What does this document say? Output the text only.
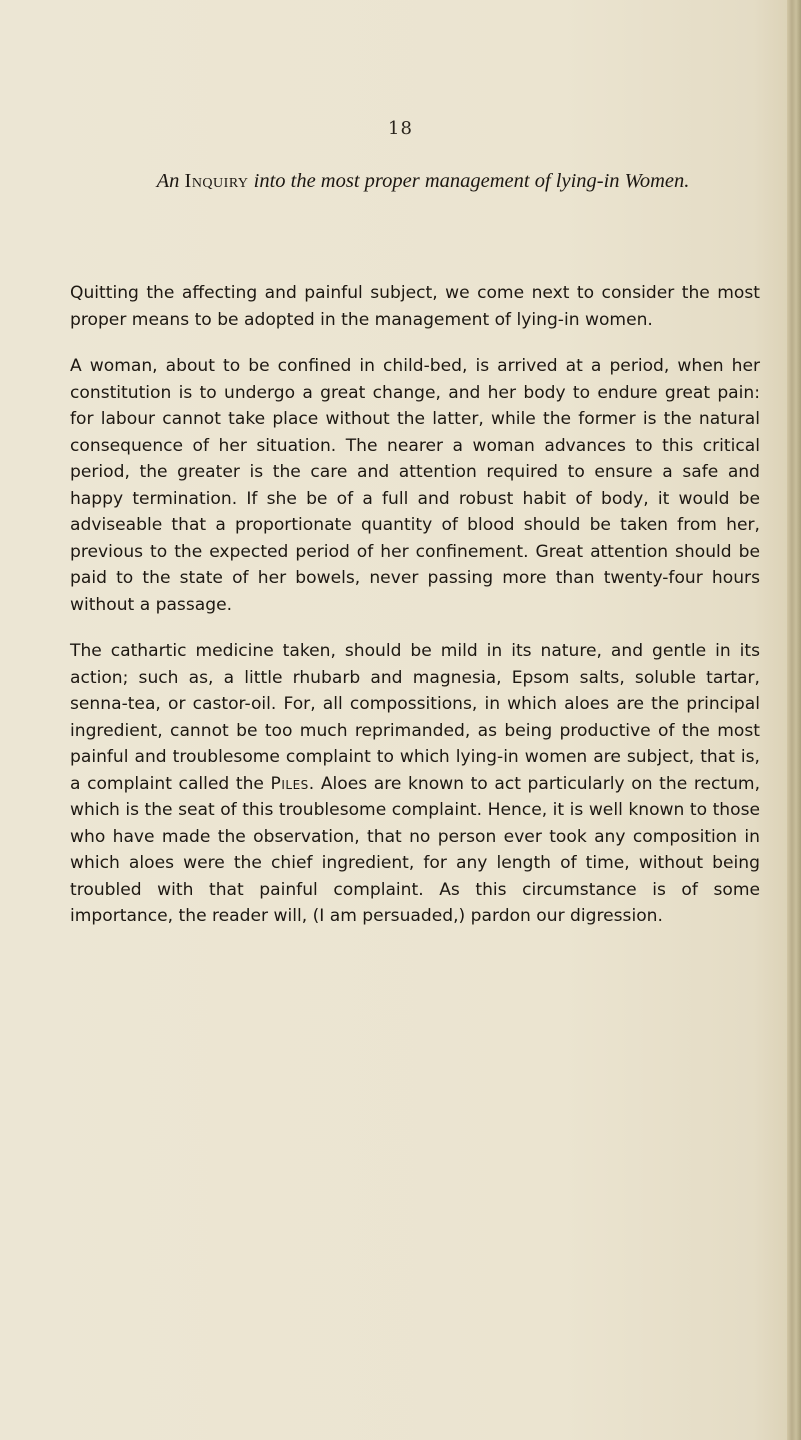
18
An Inquiry into the most proper management of lying-in Women.

Quitting the affecting and painful subject, we come next to consider the most proper means to be adopted in the management of lying-in women.

A woman, about to be confined in child-bed, is arrived at a period, when her constitution is to undergo a great change, and her body to endure great pain: for labour cannot take place without the latter, while the former is the natural consequence of her situation. The nearer a woman advances to this critical period, the greater is the care and attention required to ensure a safe and happy termination. If she be of a full and robust habit of body, it would be adviseable that a proportionate quantity of blood should be taken from her, previous to the expected period of her confinement. Great attention should be paid to the state of her bowels, never passing more than twenty-four hours without a passage.

The cathartic medicine taken, should be mild in its nature, and gentle in its action; such as, a little rhubarb and magnesia, Epsom salts, soluble tartar, senna-tea, or castor-oil. For, all compossitions, in which aloes are the principal ingredient, cannot be too much reprimanded, as being productive of the most painful and troublesome complaint to which lying-in women are subject, that is, a complaint called the Piles. Aloes are known to act particularly on the rectum, which is the seat of this troublesome complaint. Hence, it is well known to those who have made the observation, that no person ever took any composition in which aloes were the chief ingredient, for any length of time, without being troubled with that painful complaint. As this circumstance is of some importance, the reader will, (I am persuaded,) pardon our digression.
